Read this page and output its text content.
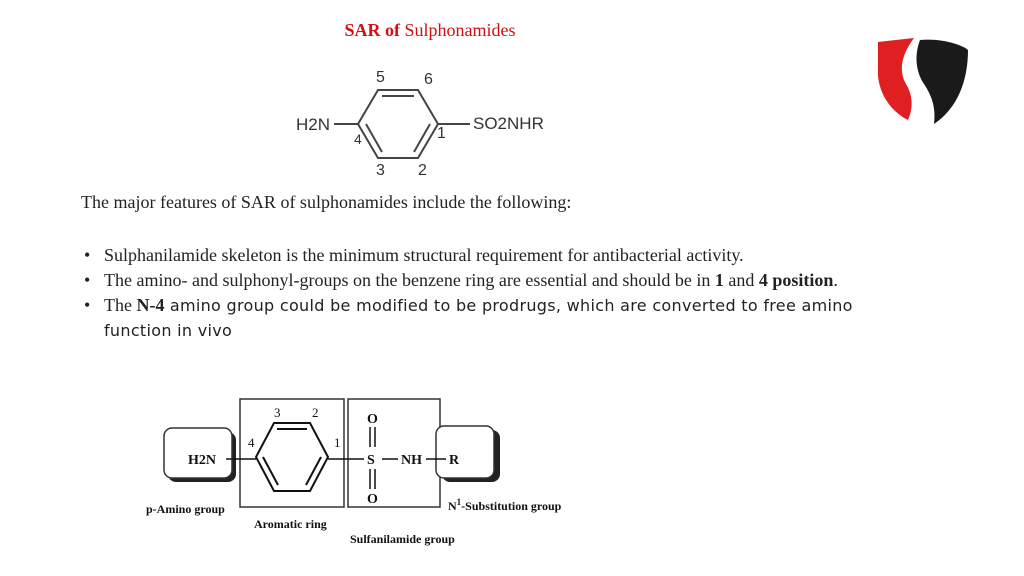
SAR of Sulphonamides
H2N	SO2NHR
5 6
4	1
3 2
The major features of SAR of sulphonamides include the following:
• Sulphanilamide skeleton is the minimum structural requirement for antibacterial activity.
• The amino- and sulphonyl-groups on the benzene ring are essential and should be in 1 and 4 position.
• The N-4 amino group could be modified to be prodrugs, which are converted to free amino function in vivo
H2N	S
O
O
NH R
3 2
4	1
p-Amino group
Aromatic ring
Sulfanilamide group
$N^1$-Substitution group
